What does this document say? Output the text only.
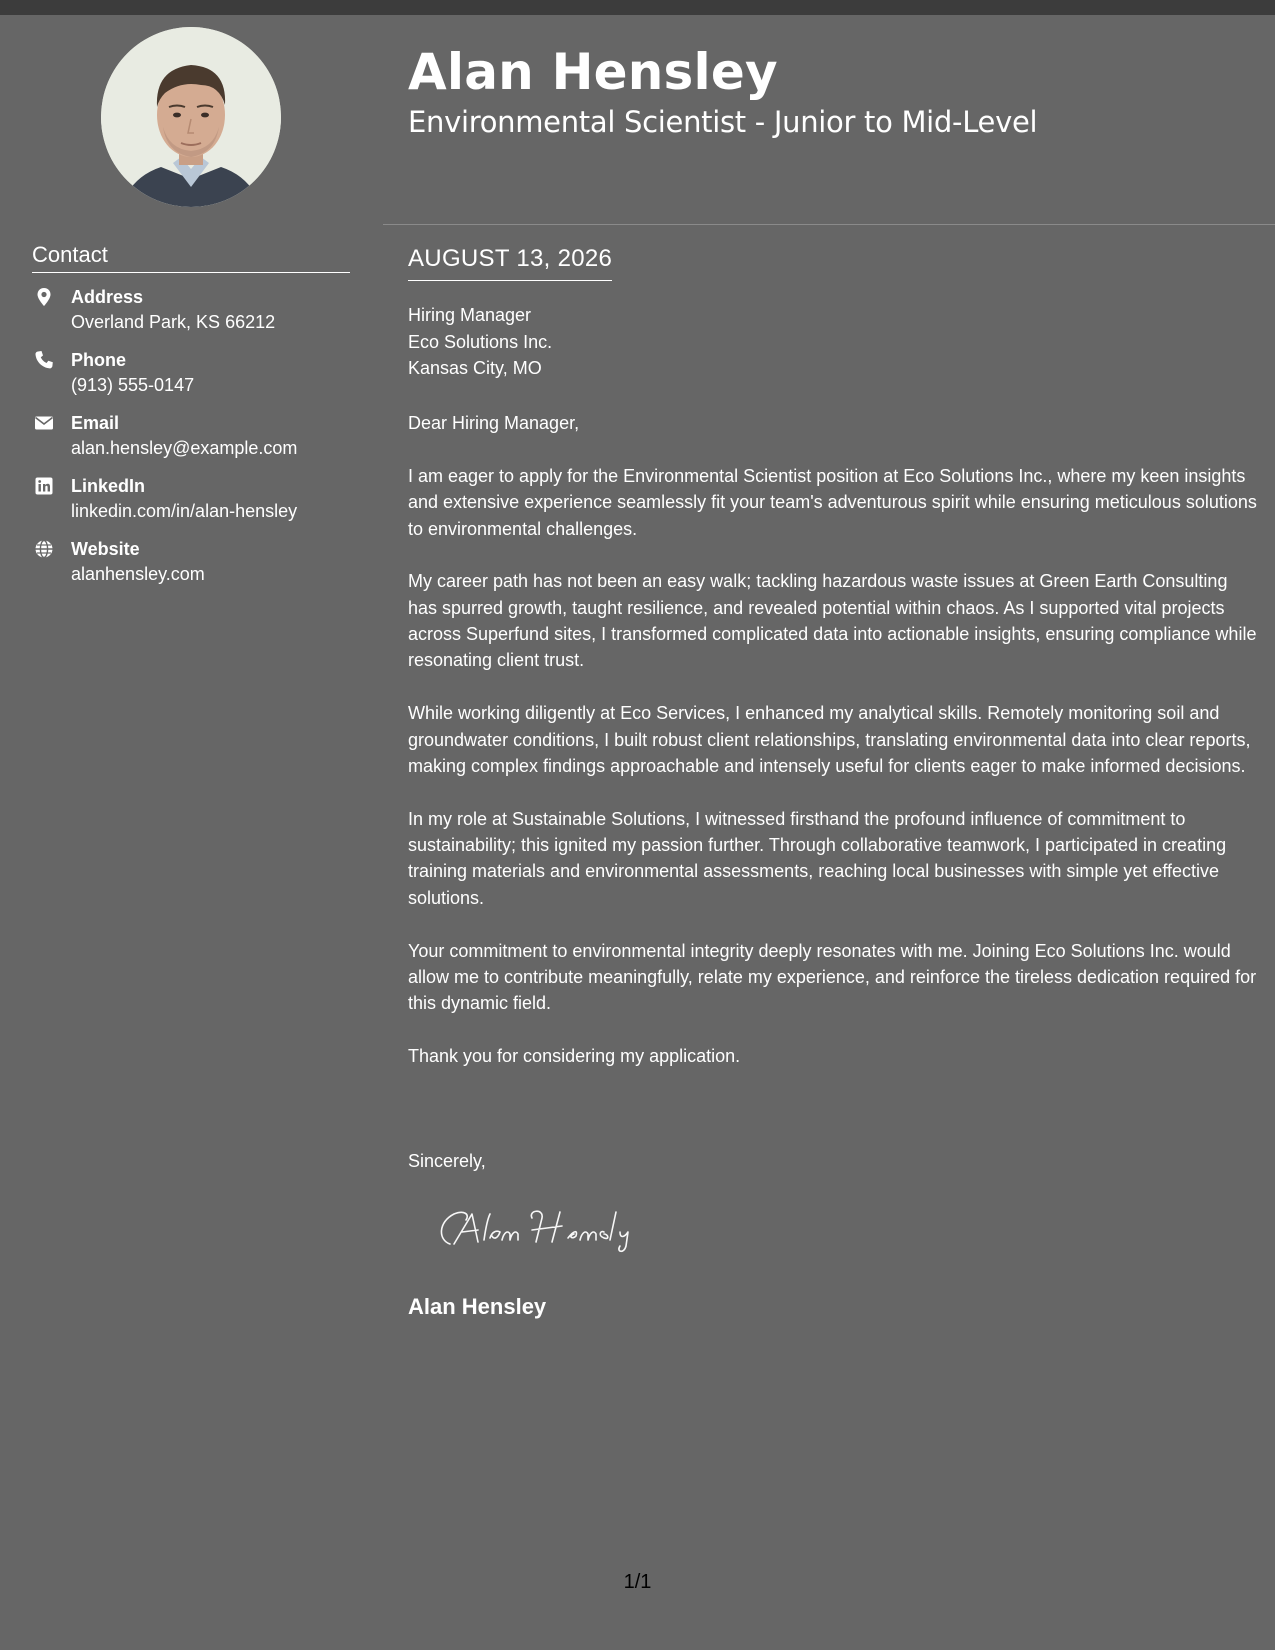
Alan Hensley
Environmental Scientist - Junior to Mid-Level
Contact
Address
Overland Park, KS 66212
Phone
(913) 555-0147
Email
alan.hensley@example.com
LinkedIn
linkedin.com/in/alan-hensley
Website
alanhensley.com
AUGUST 13, 2026
Hiring Manager
Eco Solutions Inc.
Kansas City, MO
Dear Hiring Manager,

I am eager to apply for the Environmental Scientist position at Eco Solutions Inc., where my keen insights and extensive experience seamlessly fit your team's adventurous spirit while ensuring meticulous solutions to environmental challenges.

My career path has not been an easy walk; tackling hazardous waste issues at Green Earth Consulting has spurred growth, taught resilience, and revealed potential within chaos. As I supported vital projects across Superfund sites, I transformed complicated data into actionable insights, ensuring compliance while resonating client trust.

While working diligently at Eco Services, I enhanced my analytical skills. Remotely monitoring soil and groundwater conditions, I built robust client relationships, translating environmental data into clear reports, making complex findings approachable and intensely useful for clients eager to make informed decisions.

In my role at Sustainable Solutions, I witnessed firsthand the profound influence of commitment to sustainability; this ignited my passion further. Through collaborative teamwork, I participated in creating training materials and environmental assessments, reaching local businesses with simple yet effective solutions.

Your commitment to environmental integrity deeply resonates with me. Joining Eco Solutions Inc. would allow me to contribute meaningfully, relate my experience, and reinforce the tireless dedication required for this dynamic field.

Thank you for considering my application.

Sincerely,
Alan Hensley
1/1
